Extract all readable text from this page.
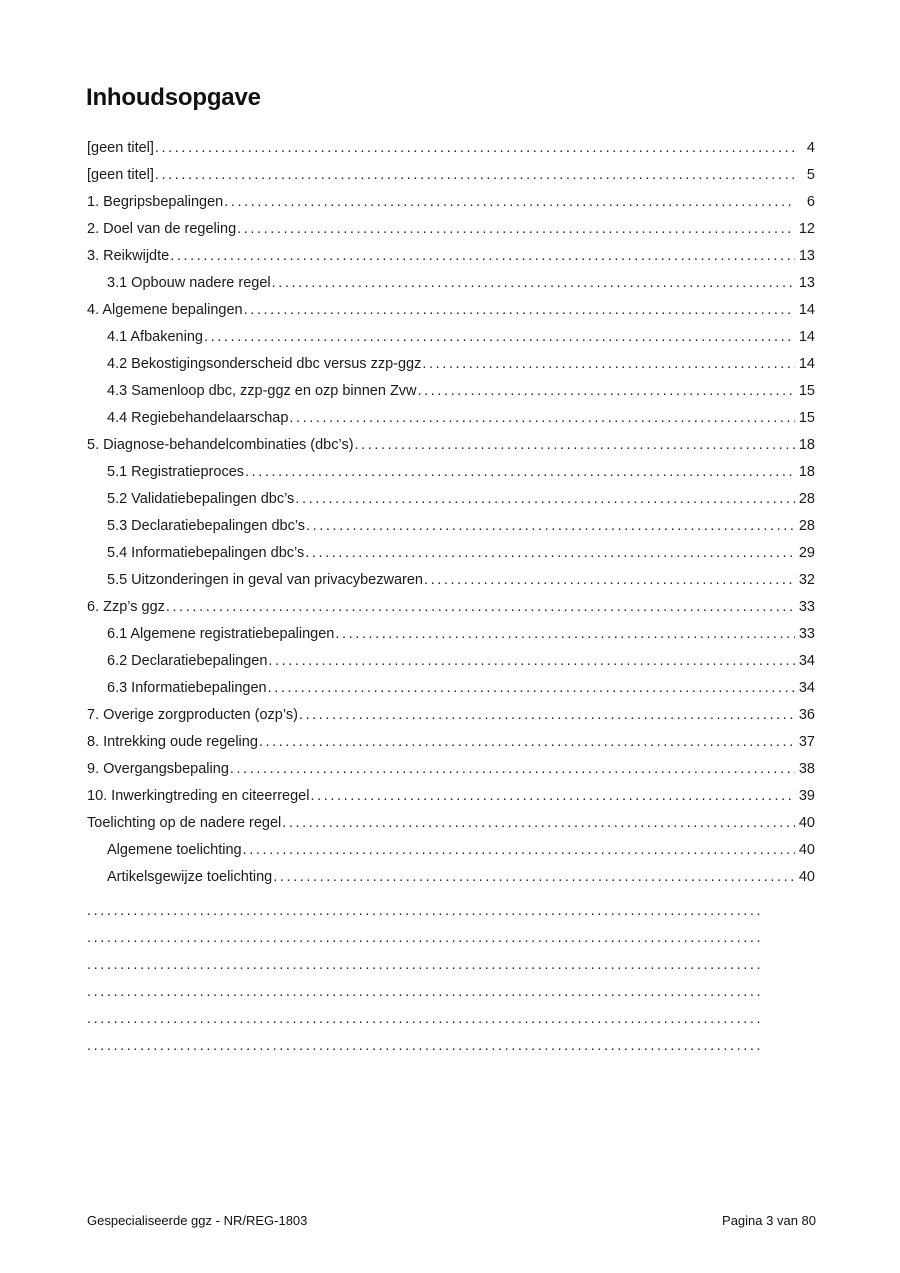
Inhoudsopgave
[geen titel] .....	4
[geen titel] .....	5
1. Begripsbepalingen .....	6
2. Doel van de regeling .....	12
3. Reikwijdte .....	13
3.1 Opbouw nadere regel .....	13
4. Algemene bepalingen .....	14
4.1 Afbakening .....	14
4.2 Bekostigingsonderscheid dbc versus zzp-ggz .....	14
4.3 Samenloop dbc, zzp-ggz en ozp binnen Zvw .....	15
4.4 Regiebehandelaarschap .....	15
5. Diagnose-behandelcombinaties (dbc’s) .....	18
5.1 Registratieproces .....	18
5.2 Validatiebepalingen dbc’s .....	28
5.3 Declaratiebepalingen dbc’s .....	28
5.4 Informatiebepalingen dbc’s .....	29
5.5 Uitzonderingen in geval van privacybezwaren .....	32
6. Zzp’s ggz .....	33
6.1 Algemene registratiebepalingen .....	33
6.2 Declaratiebepalingen .....	34
6.3 Informatiebepalingen .....	34
7. Overige zorgproducten (ozp’s) .....	36
8. Intrekking oude regeling .....	37
9. Overgangsbepaling .....	38
10. Inwerkingtreding en citeerregel .....	39
Toelichting op de nadere regel .....	40
Algemene toelichting .....	40
Artikelsgewijze toelichting .....	40
.....
.....
.....
.....
.....
.....
Gespecialiseerde ggz - NR/REG-1803	Pagina 3 van 80
